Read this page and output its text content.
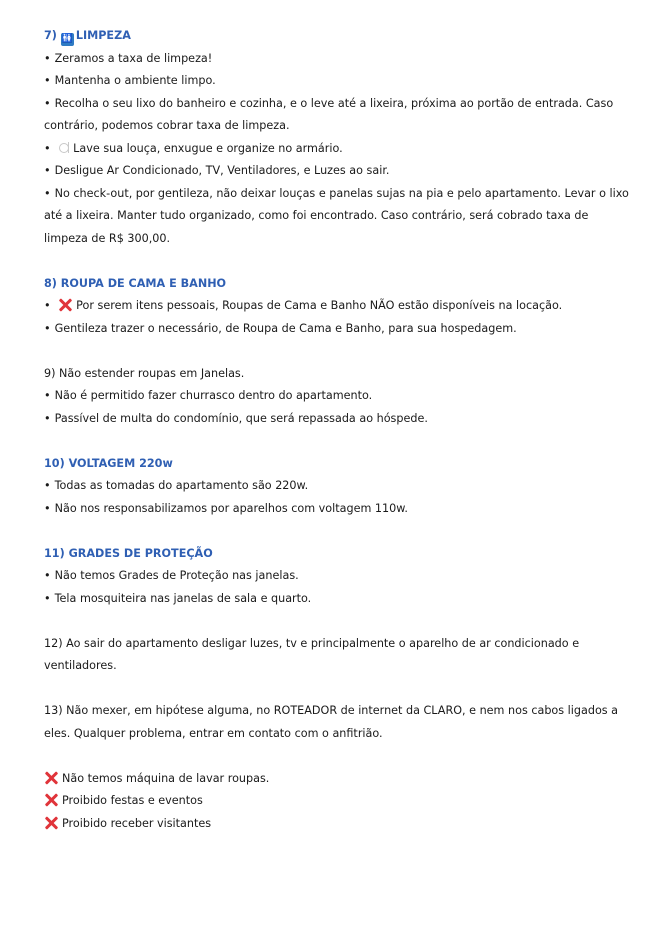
7) 🚻 LIMPEZA
• Zeramos a taxa de limpeza!
• Mantenha o ambiente limpo.
• Recolha o seu lixo do banheiro e cozinha, e o leve até a lixeira, próxima ao portão de entrada. Caso contrário, podemos cobrar taxa de limpeza.
• Lave sua louça, enxugue e organize no armário.
• Desligue Ar Condicionado, TV, Ventiladores, e Luzes ao sair.
• No check-out, por gentileza, não deixar louças e panelas sujas na pia e pelo apartamento. Levar o lixo até a lixeira. Manter tudo organizado, como foi encontrado. Caso contrário, será cobrado taxa de limpeza de R$ 300,00.
8) ROUPA DE CAMA E BANHO
• Por serem itens pessoais, Roupas de Cama e Banho NÃO estão disponíveis na locação.
• Gentileza trazer o necessário, de Roupa de Cama e Banho, para sua hospedagem.
9) Não estender roupas em Janelas.
• Não é permitido fazer churrasco dentro do apartamento.
• Passível de multa do condomínio, que será repassada ao hóspede.
10) VOLTAGEM 220w
• Todas as tomadas do apartamento são 220w.
• Não nos responsabilizamos por aparelhos com voltagem 110w.
11) GRADES DE PROTEÇÃO
• Não temos Grades de Proteção nas janelas.
• Tela mosquiteira nas janelas de sala e quarto.
12) Ao sair do apartamento desligar luzes, tv e principalmente o aparelho de ar condicionado e ventiladores.
13) Não mexer, em hipótese alguma, no ROTEADOR de internet da CLARO, e nem nos cabos ligados a eles. Qualquer problema, entrar em contato com o anfitrião.
Não temos máquina de lavar roupas.
Proibido festas e eventos
Proibido receber visitantes
